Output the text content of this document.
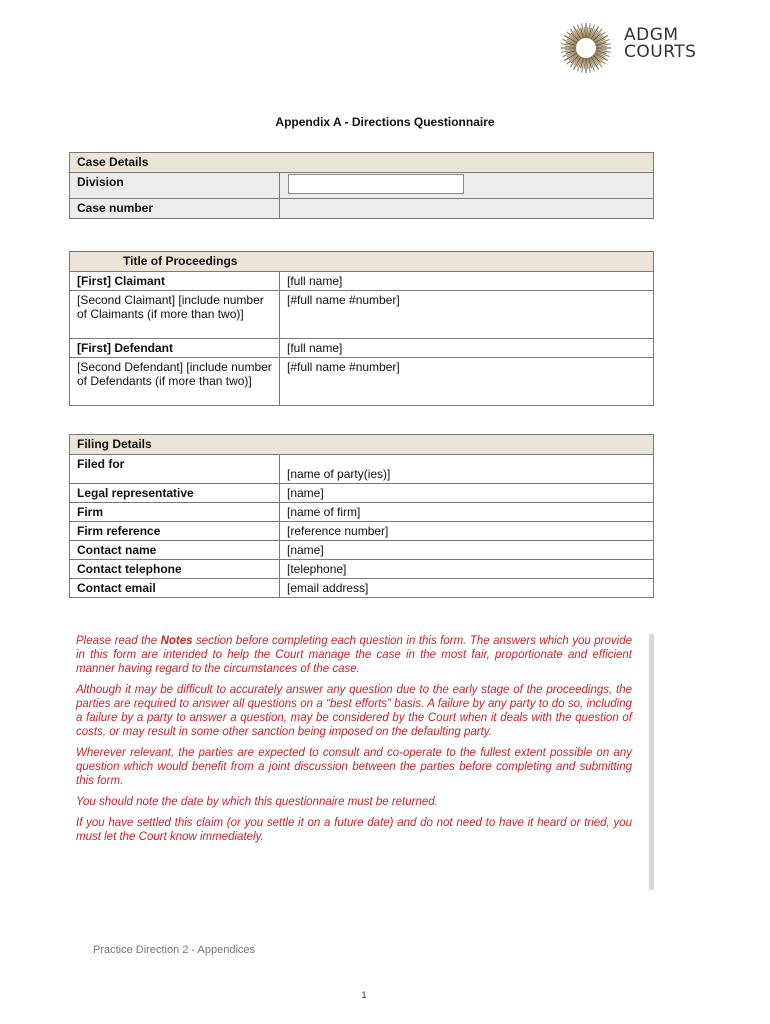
ADGM
COURTS
Appendix A - Directions Questionnaire
Case Details	
Division	
Case number	
Title of Proceedings	
[First] Claimant	[full name]
[Second Claimant] [include number of Claimants (if more than two)]	[#full name #number]
[First] Defendant	[full name]
[Second Defendant] [include number of Defendants (if more than two)]	[#full name #number]
Filing Details	
Filed for	[name of party(ies)]
Legal representative	[name]
Firm	[name of firm]
Firm reference	[reference number]
Contact name	[name]
Contact telephone	[telephone]
Contact email	[email address]

Please read the Notes section before completing each question in this form. The answers which you provide in this form are intended to help the Court manage the case in the most fair, proportionate and efficient manner having regard to the circumstances of the case.

Although it may be difficult to accurately answer any question due to the early stage of the proceedings, the parties are required to answer all questions on a “best efforts” basis. A failure by any party to do so, including a failure by a party to answer a question, may be considered by the Court when it deals with the question of costs, or may result in some other sanction being imposed on the defaulting party.

Wherever relevant, the parties are expected to consult and co-operate to the fullest extent possible on any question which would benefit from a joint discussion between the parties before completing and submitting this form.

You should note the date by which this questionnaire must be returned.

If you have settled this claim (or you settle it on a future date) and do not need to have it heard or tried, you must let the Court know immediately.

Practice Direction 2 - Appendices
1
